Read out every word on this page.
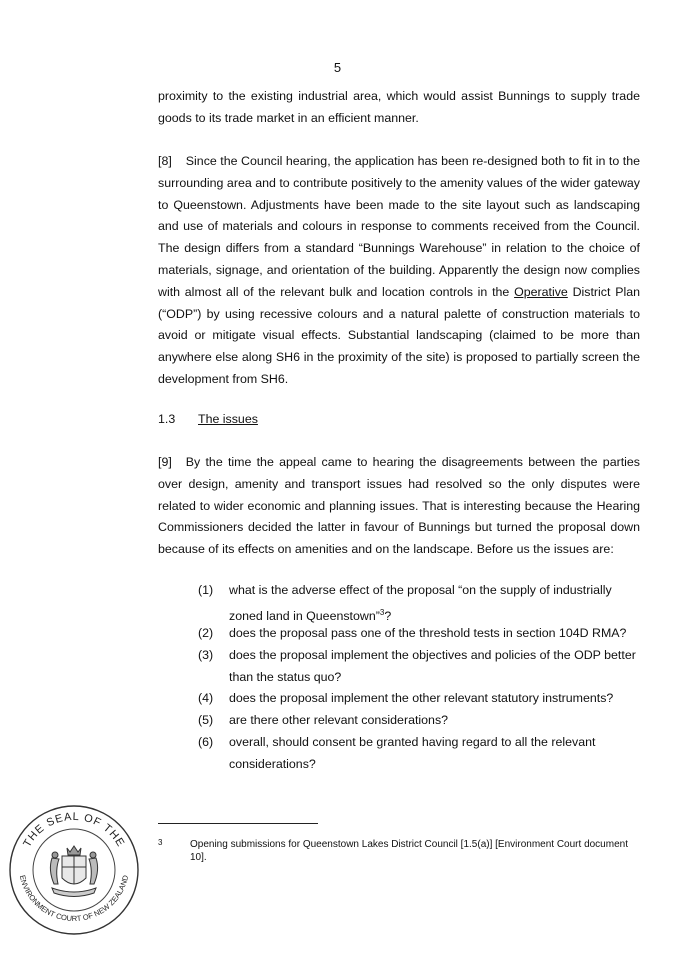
5

proximity to the existing industrial area, which would assist Bunnings to supply trade goods to its trade market in an efficient manner.

[8] Since the Council hearing, the application has been re-designed both to fit in to the surrounding area and to contribute positively to the amenity values of the wider gateway to Queenstown. Adjustments have been made to the site layout such as landscaping and use of materials and colours in response to comments received from the Council. The design differs from a standard “Bunnings Warehouse” in relation to the choice of materials, signage, and orientation of the building. Apparently the design now complies with almost all of the relevant bulk and location controls in the Operative District Plan (“ODP”) by using recessive colours and a natural palette of construction materials to avoid or mitigate visual effects. Substantial landscaping (claimed to be more than anywhere else along SH6 in the proximity of the site) is proposed to partially screen the development from SH6.

1.3 The issues

[9] By the time the appeal came to hearing the disagreements between the parties over design, amenity and transport issues had resolved so the only disputes were related to wider economic and planning issues. That is interesting because the Hearing Commissioners decided the latter in favour of Bunnings but turned the proposal down because of its effects on amenities and on the landscape. Before us the issues are:

(1) what is the adverse effect of the proposal “on the supply of industrially zoned land in Queenstown”$^3$?
(2) does the proposal pass one of the threshold tests in section 104D RMA?
(3) does the proposal implement the objectives and policies of the ODP better than the status quo?
(4) does the proposal implement the other relevant statutory instruments?
(5) are there other relevant considerations?
(6) overall, should consent be granted having regard to all the relevant considerations?
3	Opening submissions for Queenstown Lakes District Council [1.5(a)] [Environment Court document 10].
THE SEAL OF THE
ENVIRONMENT COURT OF NEW ZEALAND
